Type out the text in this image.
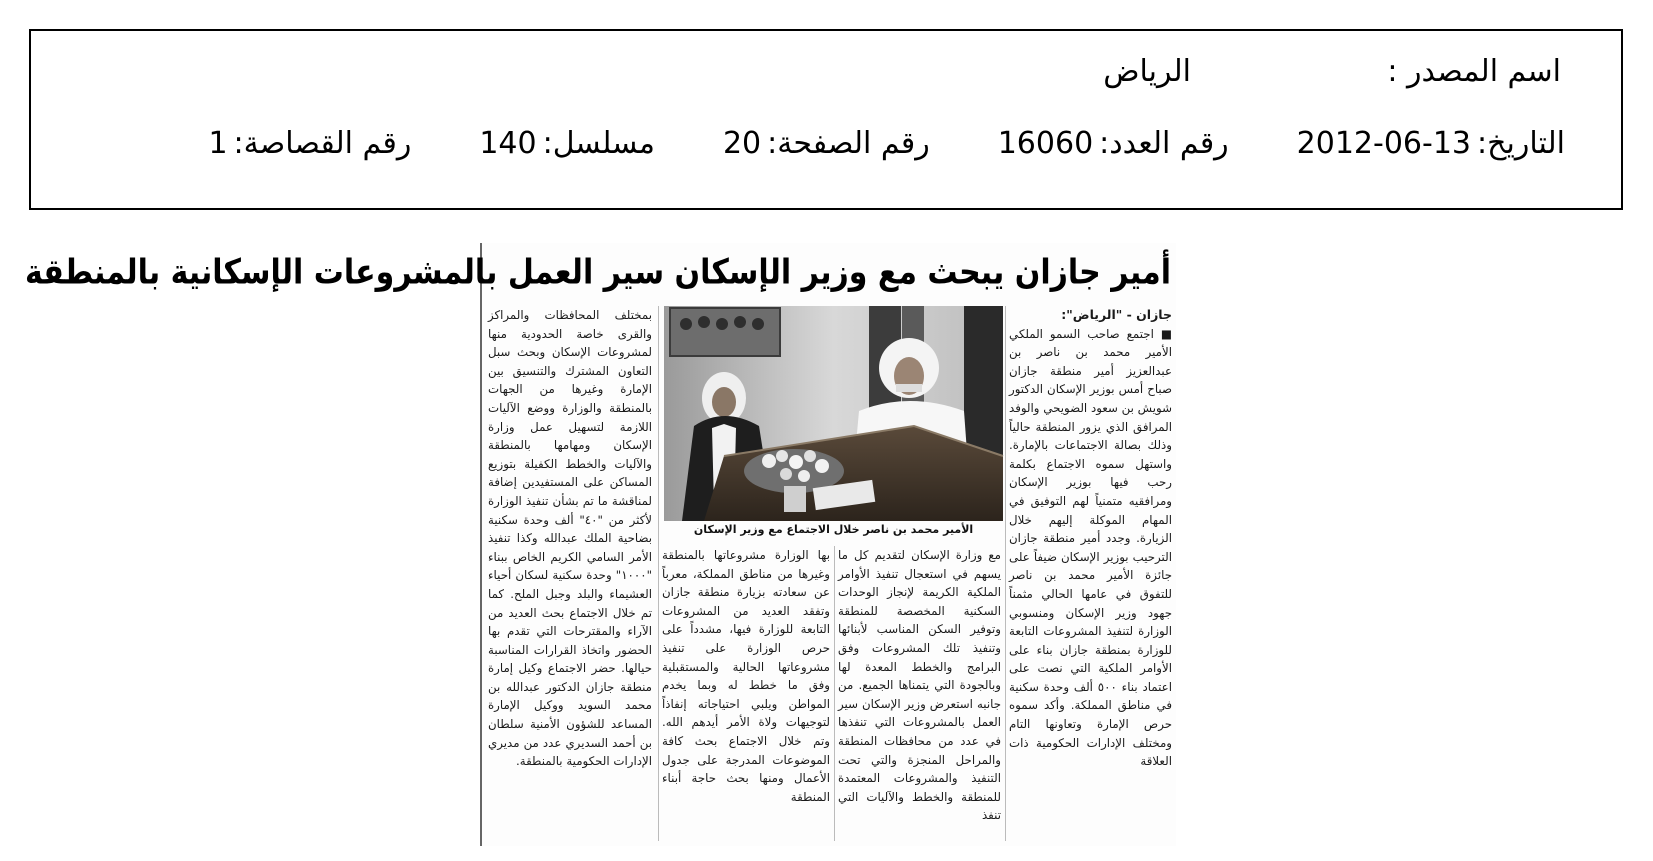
اسم المصدر :
الرياض
التاريخ:2012-06-13
رقم العدد:16060
رقم الصفحة:20
مسلسل:140
رقم القصاصة:1
أمير جازان يبحث مع وزير الإسكان سير العمل بالمشروعات الإسكانية بالمنطقة

جازان - "الرياض":

■ اجتمع صاحب السمو الملكي الأمير محمد بن ناصر بن عبدالعزيز أمير منطقة جازان صباح أمس بوزير الإسكان الدكتور شويش بن سعود الضويحي والوفد المرافق الذي يزور المنطقة حالياً وذلك بصالة الاجتماعات بالإمارة. واستهل سموه الاجتماع بكلمة رحب فيها بوزير الإسكان ومرافقيه متمنياً لهم التوفيق في المهام الموكلة إليهم خلال الزيارة. وجدد أمير منطقة جازان الترحيب بوزير الإسكان ضيفاً على جائزة الأمير محمد بن ناصر للتفوق في عامها الحالي مثمناً جهود وزير الإسكان ومنسوبي الوزارة لتنفيذ المشروعات التابعة للوزارة بمنطقة جازان بناء على الأوامر الملكية التي نصت على اعتماد بناء ٥٠٠ ألف وحدة سكنية في مناطق المملكة. وأكد سموه حرص الإمارة وتعاونها التام ومختلف الإدارات الحكومية ذات العلاقة

مع وزارة الإسكان لتقديم كل ما يسهم في استعجال تنفيذ الأوامر الملكية الكريمة لإنجاز الوحدات السكنية المخصصة للمنطقة وتوفير السكن المناسب لأبنائها وتنفيذ تلك المشروعات وفق البرامج والخطط المعدة لها وبالجودة التي يتمناها الجميع. من جانبه استعرض وزير الإسكان سير العمل بالمشروعات التي تنفذها في عدد من محافظات المنطقة والمراحل المنجزة والتي تحت التنفيذ والمشروعات المعتمدة للمنطقة والخطط والآليات التي تنفذ
بها الوزارة مشروعاتها بالمنطقة وغيرها من مناطق المملكة، معرباً عن سعادته بزيارة منطقة جازان وتفقد العديد من المشروعات التابعة للوزارة فيها، مشدداً على حرص الوزارة على تنفيذ مشروعاتها الحالية والمستقبلية وفق ما خطط له وبما يخدم المواطن ويلبي احتياجاته إنفاذاً لتوجيهات ولاة الأمر أيدهم الله. وتم خلال الاجتماع بحث كافة الموضوعات المدرجة على جدول الأعمال ومنها بحث حاجة أبناء المنطقة
بمختلف المحافظات والمراكز والقرى خاصة الحدودية منها لمشروعات الإسكان وبحث سبل التعاون المشترك والتنسيق بين الإمارة وغيرها من الجهات بالمنطقة والوزارة ووضع الآليات اللازمة لتسهيل عمل وزارة الإسكان ومهامها بالمنطقة والآليات والخطط الكفيلة بتوزيع المساكن على المستفيدين إضافة لمناقشة ما تم بشأن تنفيذ الوزارة لأكثر من "٤٠" ألف وحدة سكنية بضاحية الملك عبدالله وكذا تنفيذ الأمر السامي الكريم الخاص ببناء "١٠٠٠" وحدة سكنية لسكان أحياء العشيماء والبلد وجبل الملح. كما تم خلال الاجتماع بحث العديد من الآراء والمقترحات التي تقدم بها الحضور واتخاذ القرارات المناسبة حيالها. حضر الاجتماع وكيل إمارة منطقة جازان الدكتور عبدالله بن محمد السويد ووكيل الإمارة المساعد للشؤون الأمنية سلطان بن أحمد السديري عدد من مديري الإدارات الحكومية بالمنطقة.
الأمير محمد بن ناصر خلال الاجتماع مع وزير الإسكان
